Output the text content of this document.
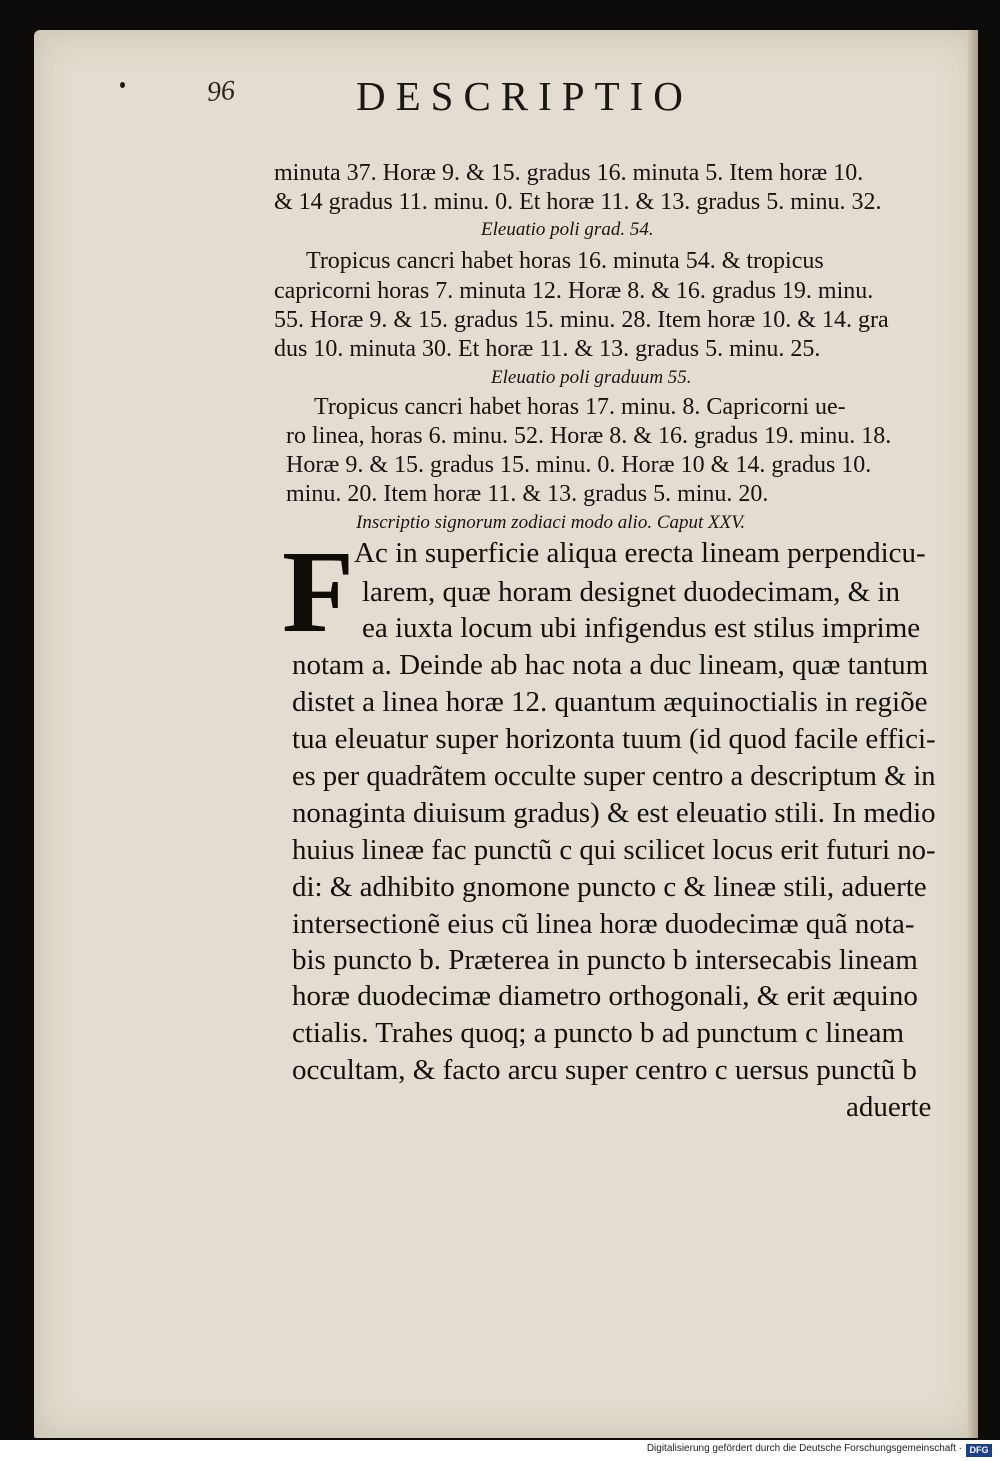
96	DESCRIPTIO
minuta 37. Horæ 9. & 15. gradus 16. minuta 5. Item horæ 10.
& 14 gradus 11. minu. 0. Et horæ 11. & 13. gradus 5. minu. 32.
Eleuatio poli grad. 54.
Tropicus cancri habet horas 16. minuta 54. & tropicus
capricorni horas 7. minuta 12. Horæ 8. & 16. gradus 19. minu.
55. Horæ 9. & 15. gradus 15. minu. 28. Item horæ 10. & 14. gra
dus 10. minuta 30. Et horæ 11. & 13. gradus 5. minu. 25.
Eleuatio poli graduum 55.
Tropicus cancri habet horas 17. minu. 8. Capricorni ue-
ro linea, horas 6. minu. 52. Horæ 8. & 16. gradus 19. minu. 18.
Horæ 9. & 15. gradus 15. minu. 0. Horæ 10 & 14. gradus 10.
minu. 20. Item horæ 11. & 13. gradus 5. minu. 20.
Inscriptio signorum zodiaci modo alio. Caput XXV.
F Ac in superficie aliqua erecta lineam perpendicu-
larem, quæ horam designet duodecimam, & in
ea iuxta locum ubi infigendus est stilus imprime
notam a. Deinde ab hac nota a duc lineam, quæ tantum
distet a linea horæ 12. quantum æquinoctialis in regiõe
tua eleuatur super horizonta tuum (id quod facile effici-
es per quadrãtem occulte super centro a descriptum & in
nonaginta diuisum gradus) & est eleuatio stili. In medio
huius lineæ fac punctũ c qui scilicet locus erit futuri no-
di: & adhibito gnomone puncto c & lineæ stili, aduerte
intersectionẽ eius cũ linea horæ duodecimæ quã nota-
bis puncto b. Præterea in puncto b intersecabis lineam
horæ duodecimæ diametro orthogonali, & erit æquino
ctialis. Trahes quoq; a puncto b ad punctum c lineam
occultam, & facto arcu super centro c uersus punctũ b
aduerte
Digitalisierung gefördert durch die Deutsche Forschungsgemeinschaft · DFG
